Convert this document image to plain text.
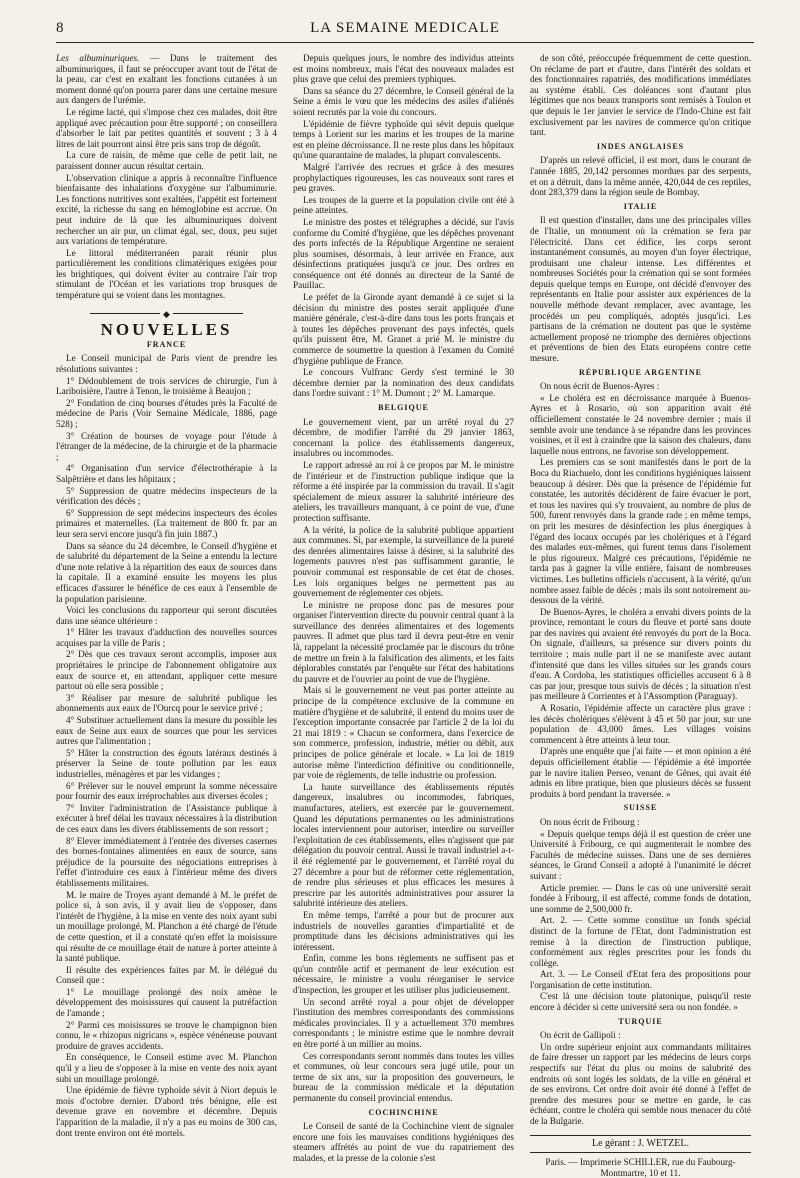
8	LA SEMAINE MEDICALE

Les albuminuriques. — Dans le traitement des albuminuriques, il faut se préoccuper avant tout de l'état de la peau, car c'est en exaltant les fonctions cutanées à un moment donné qu'on pourra parer dans une certaine mesure aux dangers de l'urémie.

Le régime lacté, qui s'impose chez ces malades, doit être appliqué avec précaution pour être supporté ; on conseillera d'absorber le lait par petites quantités et souvent ; 3 à 4 litres de lait pourront ainsi être pris sans trop de dégoût.

La cure de raisin, de même que celle de petit lait, ne paraissent donner aucun résultat certain.

L'observation clinique a appris à reconnaître l'influence bienfaisante des inhalations d'oxygène sur l'albuminurie. Les fonctions nutritives sont exaltées, l'appétit est fortement excité, la richesse du sang en hémoglobine est accrue. On peut induire de là que les albuminuriques doivent rechercher un air pur, un climat égal, sec, doux, peu sujet aux variations de température.

Le littoral méditerranéen parait réunir plus particulièrement les conditions climatériques exigées pour les brightiques, qui doivent éviter au contraire l'air trop stimulant de l'Océan et les variations trop brusques de température qui se voient dans les montagnes.

◆
NOUVELLES
FRANCE

Le Conseil municipal de Paris vient de prendre les résolutions suivantes :

1° Dédoublement de trois services de chirurgie, l'un à Lariboisière, l'autre à Tenon, le troisième à Beaujon ;

2° Fondation de cinq bourses d'études près la Faculté de médecine de Paris (Voir Semaine Médicale, 1886, page 528) ;

3° Création de bourses de voyage pour l'étude à l'étranger de la médecine, de la chirurgie et de la pharmacie ;

4° Organisation d'un service d'électrothérapie à la Salpêtrière et dans les hôpitaux ;

5° Suppression de quatre médecins inspecteurs de la vérification des décès ;

6° Suppression de sept médecins inspecteurs des écoles primaires et maternelles. (La traitement de 800 fr. par an leur sera servi encore jusqu'à fin juin 1887.)

Dans sa séance du 24 décembre, le Conseil d'hygiène et de salubrité du département de la Seine a entendu la lecture d'une note relative à la répartition des eaux de sources dans la capitale. Il a examiné ensuite les moyens les plus efficaces d'assurer le bénéfice de ces eaux à l'ensemble de la population parisienne.

Voici les conclusions du rapporteur qui seront discutées dans une séance ultérieure :

1° Hâter les travaux d'adduction des nouvelles sources acquises par la ville de Paris ;

2° Dès que ces travaux seront accomplis, imposer aux propriétaires le principe de l'abonnement obligatoire aux eaux de source et, en attendant, appliquer cette mesure partout où elle sera possible ;

3° Réaliser par mesure de salubrité publique les abonnements aux eaux de l'Ourcq pour le service privé ;

4° Substituer actuellement dans la mesure du possible les eaux de Seine aux eaux de sources que pour les services autres que l'alimentation ;

5° Hâter la construction des égouts latéraux destinés à préserver la Seine de toute pollution par les eaux industrielles, ménagères et par les vidanges ;

6° Prélever sur le nouvel emprunt la somme nécessaire pour fournir des eaux irréprochables aux diverses écoles ;

7° Inviter l'administration de l'Assistance publique à exécuter à bref délai les travaux nécessaires à la distribution de ces eaux dans les divers établissements de son ressort ;

8° Elever immédiatement à l'entrée des diverses casernes des bornes-fontaines alimentées en eaux de source, sans préjudice de la poursuite des négociations entreprises à l'effet d'introduire ces eaux à l'intérieur même des divers établissements militaires.

M. le maire de Troyes ayant demandé à M. le préfet de police si, à son avis, il y avait lieu de s'opposer, dans l'intérêt de l'hygiène, à la mise en vente des noix ayant subi un mouillage prolongé, M. Planchon a été chargé de l'étude de cette question, et il a constaté qu'en effet la moisissure qui résulte de ce mouillage était de nature à porter atteinte à la santé publique.

Il résulte des expériences faites par M. le délégué du Conseil que :

1° Le mouillage prolongé des noix amène le développement des moisissures qui causent la putréfaction de l'amande ;

2° Parmi ces moisissures se trouve le champignon bien connu, le « rhizopus nigricans », espèce vénéneuse pouvant produire de graves accidents.

En conséquence, le Conseil estime avec M. Planchon qu'il y a lieu de s'opposer à la mise en vente des noix ayant subi un mouillage prolongé.

Une épidémie de fièvre typhoïde sévit à Niort depuis le mois d'octobre dernier. D'abord très bénigne, elle est devenue grave en novembre et décembre. Depuis l'apparition de la maladie, il n'y a pas eu moins de 300 cas, dont trente environ ont été mortels.

Depuis quelques jours, le nombre des individus atteints est moins nombreux, mais l'état des nouveaux malades est plus grave que celui des premiers typhiques.

Dans sa séance du 27 décembre, le Conseil général de la Seine a émis le vœu que les médecins des asiles d'aliénés soient recrutés par la voie du concours.

L'épidémie de fièvre typhoïde qui sévit depuis quelque temps à Lorient sur les marins et les troupes de la marine est en pleine décroissance. Il ne reste plus dans les hôpitaux qu'une quarantaine de malades, la plupart convalescents.

Malgré l'arrivée des recrues et grâce à des mesures prophylactiques rigoureuses, les cas nouveaux sont rares et peu graves.

Les troupes de la guerre et la population civile ont été à peine atteintes.

Le ministre des postes et télégraphes a décidé, sur l'avis conforme du Comité d'hygiène, que les dépêches provenant des ports infectés de la République Argentine ne seraient plus soumises, désormais, à leur arrivée en France, aux désinfections pratiquées jusqu'à ce jour. Des ordres en conséquence ont été donnés au directeur de la Santé de Pauillac.

Le préfet de la Gironde ayant demandé à ce sujet si la décision du ministre des postes serait appliquée d'une manière générale, c'est-à-dire dans tous les ports français et à toutes les dépêches provenant des pays infectés, quels qu'ils puissent être, M. Granet a prié M. le ministre du commerce de soumettre la question à l'examen du Comité d'hygiène publique de France.

Le concours Vulfranc Gerdy s'est terminé le 30 décembre dernier par la nomination des deux candidats dans l'ordre suivant : 1° M. Dumont ; 2° M. Lamarque.

BELGIQUE

Le gouvernement vient, par un arrêté royal du 27 décembre, de modifier l'arrêté du 29 janvier 1863, concernant la police des établissements dangereux, insalubres ou incommodes.

Le rapport adressé au roi à ce propos par M. le ministre de l'intérieur et de l'instruction publique indique que la réforme a été inspirée par la commission du travail. Il s'agit spécialement de mieux assurer la salubrité intérieure des ateliers, les travailleurs manquant, à ce point de vue, d'une protection suffisante.

A la vérité, la police de la salubrité publique appartient aux communes. Si, par exemple, la surveillance de la pureté des denrées alimentaires laisse à désirer, si la salubrité des logements pauvres n'est pas suffisamment garantie, le pouvoir communal est responsable de cet état de choses. Les lois organiques belges ne permettent pas au gouvernement de réglementer ces objets.

Le ministre ne propose donc pas de mesures pour organiser l'intervention directe du pouvoir central quant à la surveillance des denrées alimentaires et des logements pauvres. Il admet que plus tard il devra peut-être en venir là, rappelant la nécessité proclamée par le discours du trône de mettre un frein à la falsification des aliments, et les faits déplorables constatés par l'enquête sur l'état des habitations du pauvre et de l'ouvrier au point de vue de l'hygiène.

Mais si le gouvernement ne veut pas porter atteinte au principe de la compétence exclusive de la commune en matière d'hygiène et de salubrité, il entend du moins user de l'exception importante consacrée par l'article 2 de la loi du 21 mai 1819 : « Chacun se conformera, dans l'exercice de son commerce, profession, industrie, métier ou débit, aux principes de police générale et locale. » La loi de 1819 autorise même l'interdiction définitive ou conditionnelle, par voie de règlements, de telle industrie ou profession.

La haute surveillance des établissements réputés dangereux, insalubres ou incommodes, fabriques, manufactures, ateliers, est exercée par le gouvernement. Quand les députations permanentes ou les administrations locales interviennent pour autoriser, interdire ou surveiller l'exploitation de ces établissements, elles n'agissent que par délégation du pouvoir central. Aussi le travail industriel a-t-il été réglementé par le gouvernement, et l'arrêté royal du 27 décembre a pour but de réformer cette réglementation, de rendre plus sérieuses et plus efficaces les mesures à prescrire par les autorités administratives pour assurer la salubrité intérieure des ateliers.

En même temps, l'arrêté a pour but de procurer aux industriels de nouvelles garanties d'impartialité et de promptitude dans les décisions administratives qui les intéressent.

Enfin, comme les bons règlements ne suffisent pas et qu'un contrôle actif et permanent de leur exécution est nécessaire, le ministre a voulu réorganiser le service d'inspection, les grouper et les utiliser plus judicieusement.

Un second arrêté royal a pour objet de développer l'institution des membres correspondants des commissions médicales provinciales. Il y a actuellement 370 membres correspondants ; le ministre estime que le nombre devrait en être porté à un millier au moins.

Ces correspondants seront nommés dans toutes les villes et communes, où leur concours sera jugé utile, pour un terme de six ans, sur la proposition des gouverneurs, le bureau de la commission médicale et la députation permanente du conseil provincial entendus.

COCHINCHINE

Le Conseil de santé de la Cochinchine vient de signaler encore une fois les mauvaises conditions hygiéniques des steamers affrétés au point de vue du rapatriement des malades, et la presse de la colonie s'est

de son côté, préoccupée fréquemment de cette question. On réclame de part et d'autre, dans l'intérêt des soldats et des fonctionnaires rapatriés, des modifications immédiates au système établi. Ces doléances sont d'autant plus légitimes que nos beaux transports sont remisés à Toulon et que depuis le 1er janvier le service de l'Indo-Chine est fait exclusivement par les navires de commerce qu'on critique tant.

INDES ANGLAISES

D'après un relevé officiel, il est mort, dans le courant de l'année 1885, 20,142 personnes mordues par des serpents, et on a détruit, dans la même année, 420,044 de ces reptiles, dont 283,379 dans la région seule de Bombay.

ITALIE

Il est question d'installer, dans une des principales villes de l'Italie, un monument où la crémation se fera par l'électricité. Dans cet édifice, les corps seront instantanément consumés, au moyen d'un foyer électrique, produisant une chaleur intense. Les différentes et nombreuses Sociétés pour la crémation qui se sont formées depuis quelque temps en Europe, ont décidé d'envoyer des représentants en Italie pour assister aux expériences de la nouvelle méthode devant remplacer, avec avantage, les procédés un peu compliqués, adoptés jusqu'ici. Les partisans de la crémation ne doutent pas que le système actuellement proposé ne triomphe des dernières objections et préventions de bien des Etats européens contre cette mesure.

RÉPUBLIQUE ARGENTINE

On nous écrit de Buenos-Ayres :

« Le choléra est en décroissance marquée à Buenos-Ayres et à Rosario, où son apparition avait été officiellement constatée le 24 novembre dernier ; mais il semble avoir une tendance à se répandre dans les provinces voisines, et il est à craindre que la saison des chaleurs, dans laquelle nous entrons, ne favorise son développement.

Les premiers cas se sont manifestés dans le port de la Boca du Riachuelo, dont les conditions hygiéniques laissent beaucoup à désirer. Dès que la présence de l'épidémie fut constatée, les autorités décidèrent de faire évacuer le port, et tous les navires qui s'y trouvaient, au nombre de plus de 500, furent renvoyés dans la grande rade ; en même temps, on prit les mesures de désinfection les plus énergiques à l'égard des locaux occupés par les cholériques et à l'égard des malades eux-mêmes, qui furent tenus dans l'isolement le plus rigoureux. Malgré ces précautions, l'épidémie ne tarda pas à gagner la ville entière, faisant de nombreuses victimes. Les bulletins officiels n'accusent, à la vérité, qu'un nombre assez faible de décès ; mais ils sont notoirement au-dessous de la vérité.

De Buenos-Ayres, le choléra a envahi divers points de la province, remontant le cours du fleuve et porté sans doute par des navires qui avaient été renvoyés du port de la Boca. On signale, d'ailleurs, sa présence sur divers points du territoire ; mais nulle part il ne se manifeste avec autant d'intensité que dans les villes situées sur les grands cours d'eau. A Cordoba, les statistiques officielles accusent 6 à 8 cas par jour, presque tous suivis de décès ; la situation n'est pas meilleure à Corrientes et à l'Assomption (Paraguay).

A Rosario, l'épidémie affecte un caractère plus grave : les décès cholériques s'élèvent à 45 et 50 par jour, sur une population de 43,000 âmes. Les villages voisins commencent à être atteints à leur tour.

D'après une enquête que j'ai faite — et mon opinion a été depuis officiellement établie — l'épidémie a été importée par le navire italien Perseo, venant de Gênes, qui avait été admis en libre pratique, bien que plusieurs décès se fussent produits à bord pendant la traversée. »

SUISSE

On nous écrit de Fribourg :

« Depuis quelque temps déjà il est question de créer une Université à Fribourg, ce qui augmenterait le nombre des Facultés de médecine suisses. Dans une de ses dernières séances, le Grand Conseil a adopté à l'unanimité le décret suivant :

Article premier. — Dans le cas où une université serait fondée à Fribourg, il est affecté, comme fonds de dotation, une somme de 2,500,000 fr.

Art. 2. — Cette somme constitue un fonds spécial distinct de la fortune de l'Etat, dont l'administration est remise à la direction de l'instruction publique, conformément aux règles prescrites pour les fonds du collège.

Art. 3. — Le Conseil d'Etat fera des propositions pour l'organisation de cette institution.

C'est là une décision toute platonique, puisqu'il reste encore à décider si cette université sera ou non fondée. »

TURQUIE

On écrit de Gallipoli :

Un ordre supérieur enjoint aux commandants militaires de faire dresser un rapport par les médecins de leurs corps respectifs sur l'état du plus ou moins de salubrité des endroits où sont logés les soldats, de la ville en général et de ses environs. Cet ordre doit avoir été donné à l'effet de prendre des mesures pour se mettre en garde, le cas échéant, contre le choléra qui semble nous menacer du côté de la Bulgarie.

Le gérant : J. WETZEL.
Paris. — Imprimerie SCHILLER, rue du Faubourg-Montmartre, 10 et 11.
